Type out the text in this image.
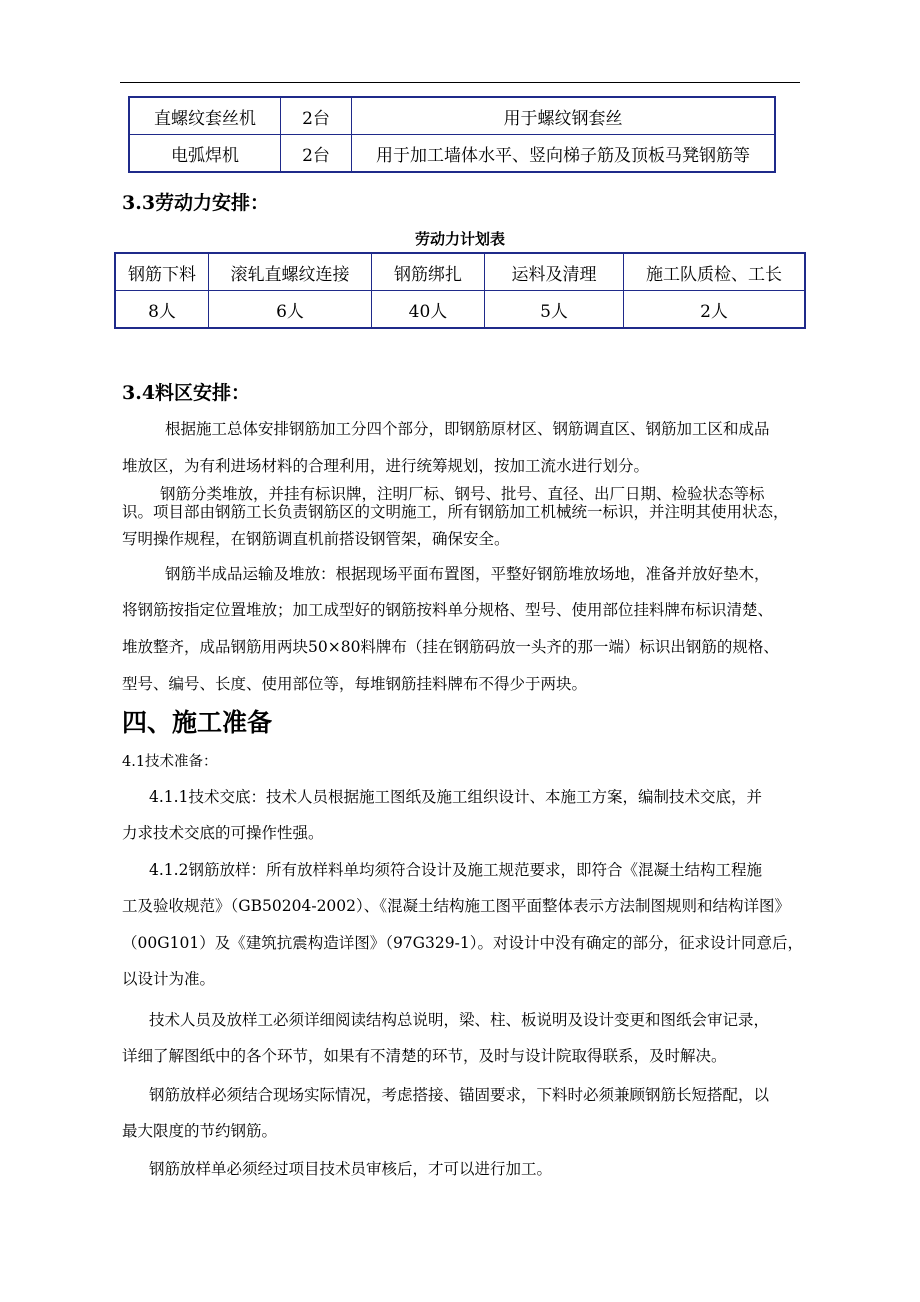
直螺纹套丝机	2台	用于螺纹钢套丝
电弧焊机	2台	用于加工墙体水平、竖向梯子筋及顶板马凳钢筋等
3.3劳动力安排：
劳动力计划表
钢筋下料	滚轧直螺纹连接	钢筋绑扎	运料及清理	施工队质检、工长
8人	6人	40人	5人	2人
3.4料区安排：
根据施工总体安排钢筋加工分四个部分，即钢筋原材区、钢筋调直区、钢筋加工区和成品
堆放区，为有利进场材料的合理利用，进行统筹规划，按加工流水进行划分。
钢筋分类堆放，并挂有标识牌，注明厂标、钢号、批号、直径、出厂日期、检验状态等标
识。项目部由钢筋工长负责钢筋区的文明施工，所有钢筋加工机械统一标识，并注明其使用状态，
写明操作规程，在钢筋调直机前搭设钢管架，确保安全。
钢筋半成品运输及堆放：根据现场平面布置图，平整好钢筋堆放场地，准备并放好垫木，
将钢筋按指定位置堆放；加工成型好的钢筋按料单分规格、型号、使用部位挂料牌布标识清楚、
堆放整齐，成品钢筋用两块50×80料牌布（挂在钢筋码放一头齐的那一端）标识出钢筋的规格、
型号、编号、长度、使用部位等，每堆钢筋挂料牌布不得少于两块。
四、施工准备
4.1技术准备：
4.1.1技术交底：技术人员根据施工图纸及施工组织设计、本施工方案，编制技术交底，并
力求技术交底的可操作性强。
4.1.2钢筋放样：所有放样料单均须符合设计及施工规范要求，即符合《混凝土结构工程施
工及验收规范》（GB50204-2002）、《混凝土结构施工图平面整体表示方法制图规则和结构详图》
（00G101）及《建筑抗震构造详图》（97G329-1）。对设计中没有确定的部分，征求设计同意后，
以设计为准。
技术人员及放样工必须详细阅读结构总说明，梁、柱、板说明及设计变更和图纸会审记录，
详细了解图纸中的各个环节，如果有不清楚的环节，及时与设计院取得联系，及时解决。
钢筋放样必须结合现场实际情况，考虑搭接、锚固要求，下料时必须兼顾钢筋长短搭配，以
最大限度的节约钢筋。
钢筋放样单必须经过项目技术员审核后，才可以进行加工。
